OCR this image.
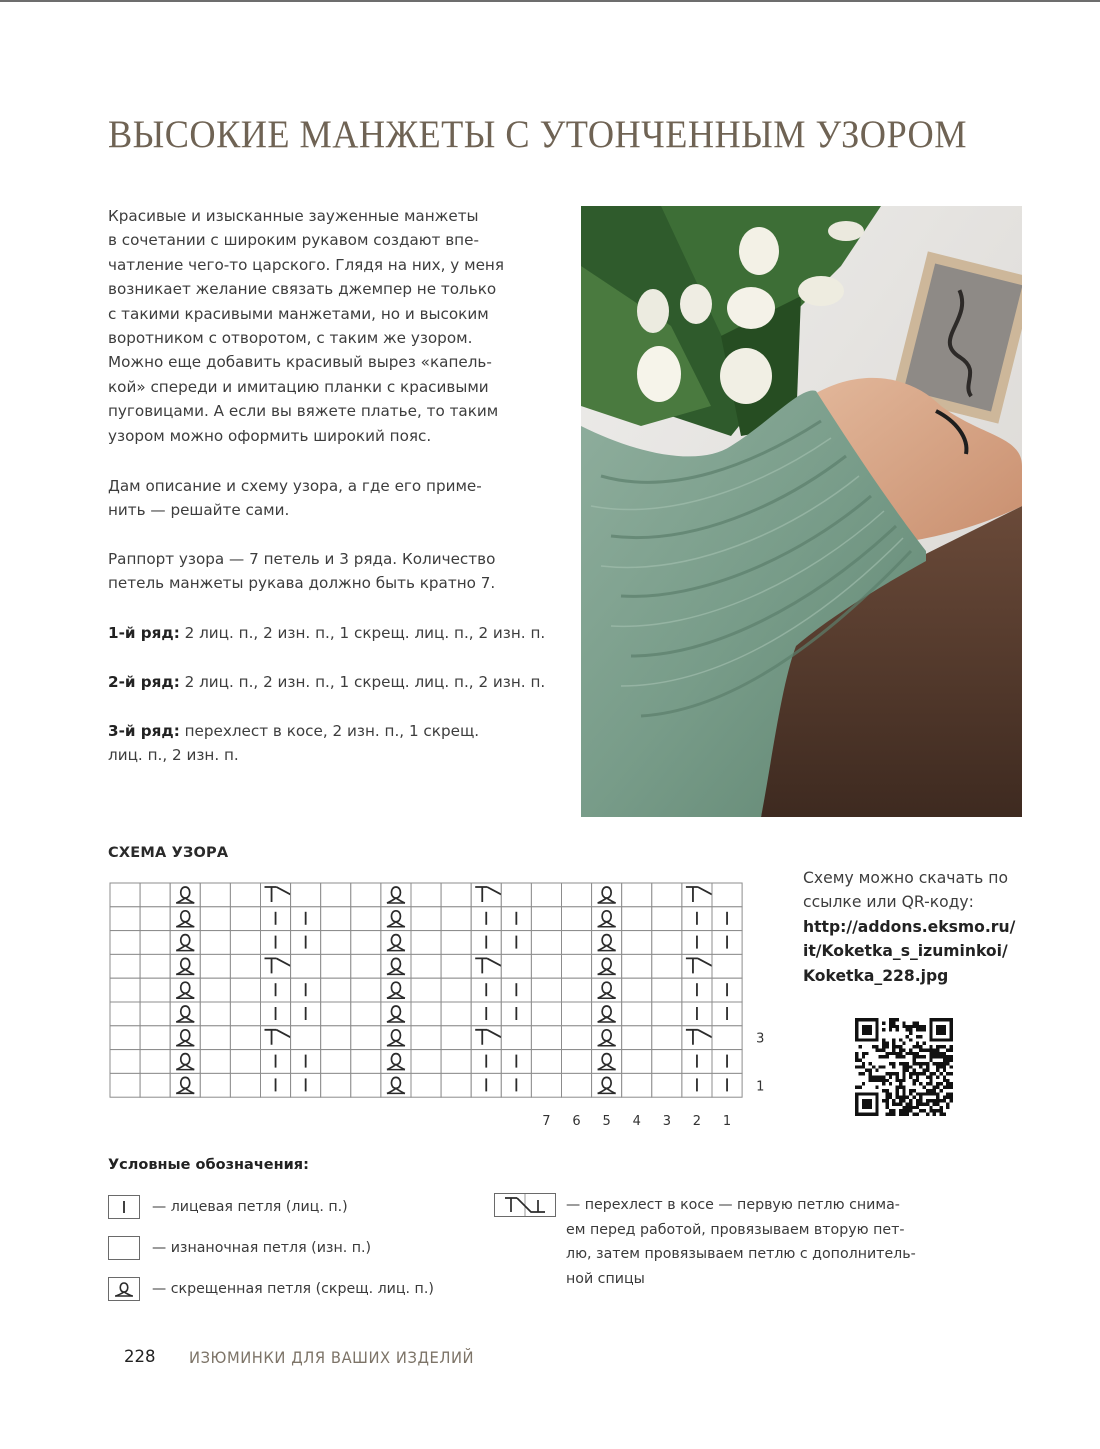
ВЫСОКИЕ МАНЖЕТЫ С УТОНЧЕННЫМ УЗОРОМ
Красивые и изысканные зауженные манжеты
в сочетании с широким рукавом создают впе-
чатление чего-то царского. Глядя на них, у меня
возникает желание связать джемпер не только
с такими красивыми манжетами, но и высоким
воротником с отворотом, с таким же узором.
Можно еще добавить красивый вырез «капель-
кой» спереди и имитацию планки с красивыми
пуговицами. А если вы вяжете платье, то таким
узором можно оформить широкий пояс.
Дам описание и схему узора, а где его приме-
нить — решайте сами.
Раппорт узора — 7 петель и 3 ряда. Количество
петель манжеты рукава должно быть кратно 7.
1-й ряд: 2 лиц. п., 2 изн. п., 1 скрещ. лиц. п., 2 изн. п.
2-й ряд: 2 лиц. п., 2 изн. п., 1 скрещ. лиц. п., 2 изн. п.
3-й ряд: перехлест в косе, 2 изн. п., 1 скрещ.
лиц. п., 2 изн. п.
СХЕМА УЗОРА
7 6 5 4 3 2 1
3
1
Схему можно скачать по
ссылке или QR-коду:
http://addons.eksmo.ru/
it/Koketka_s_izuminkoi/
Koketka_228.jpg
Условные обозначения:
— лицевая петля (лиц. п.)
— изнаночная петля (изн. п.)
— скрещенная петля (скрещ. лиц. п.)
— перехлест в косе — первую петлю снима-
ем перед работой, провязываем вторую пет-
лю, затем провязываем петлю с дополнитель-
ной спицы
228 ИЗЮМИНКИ ДЛЯ ВАШИХ ИЗДЕЛИЙ
